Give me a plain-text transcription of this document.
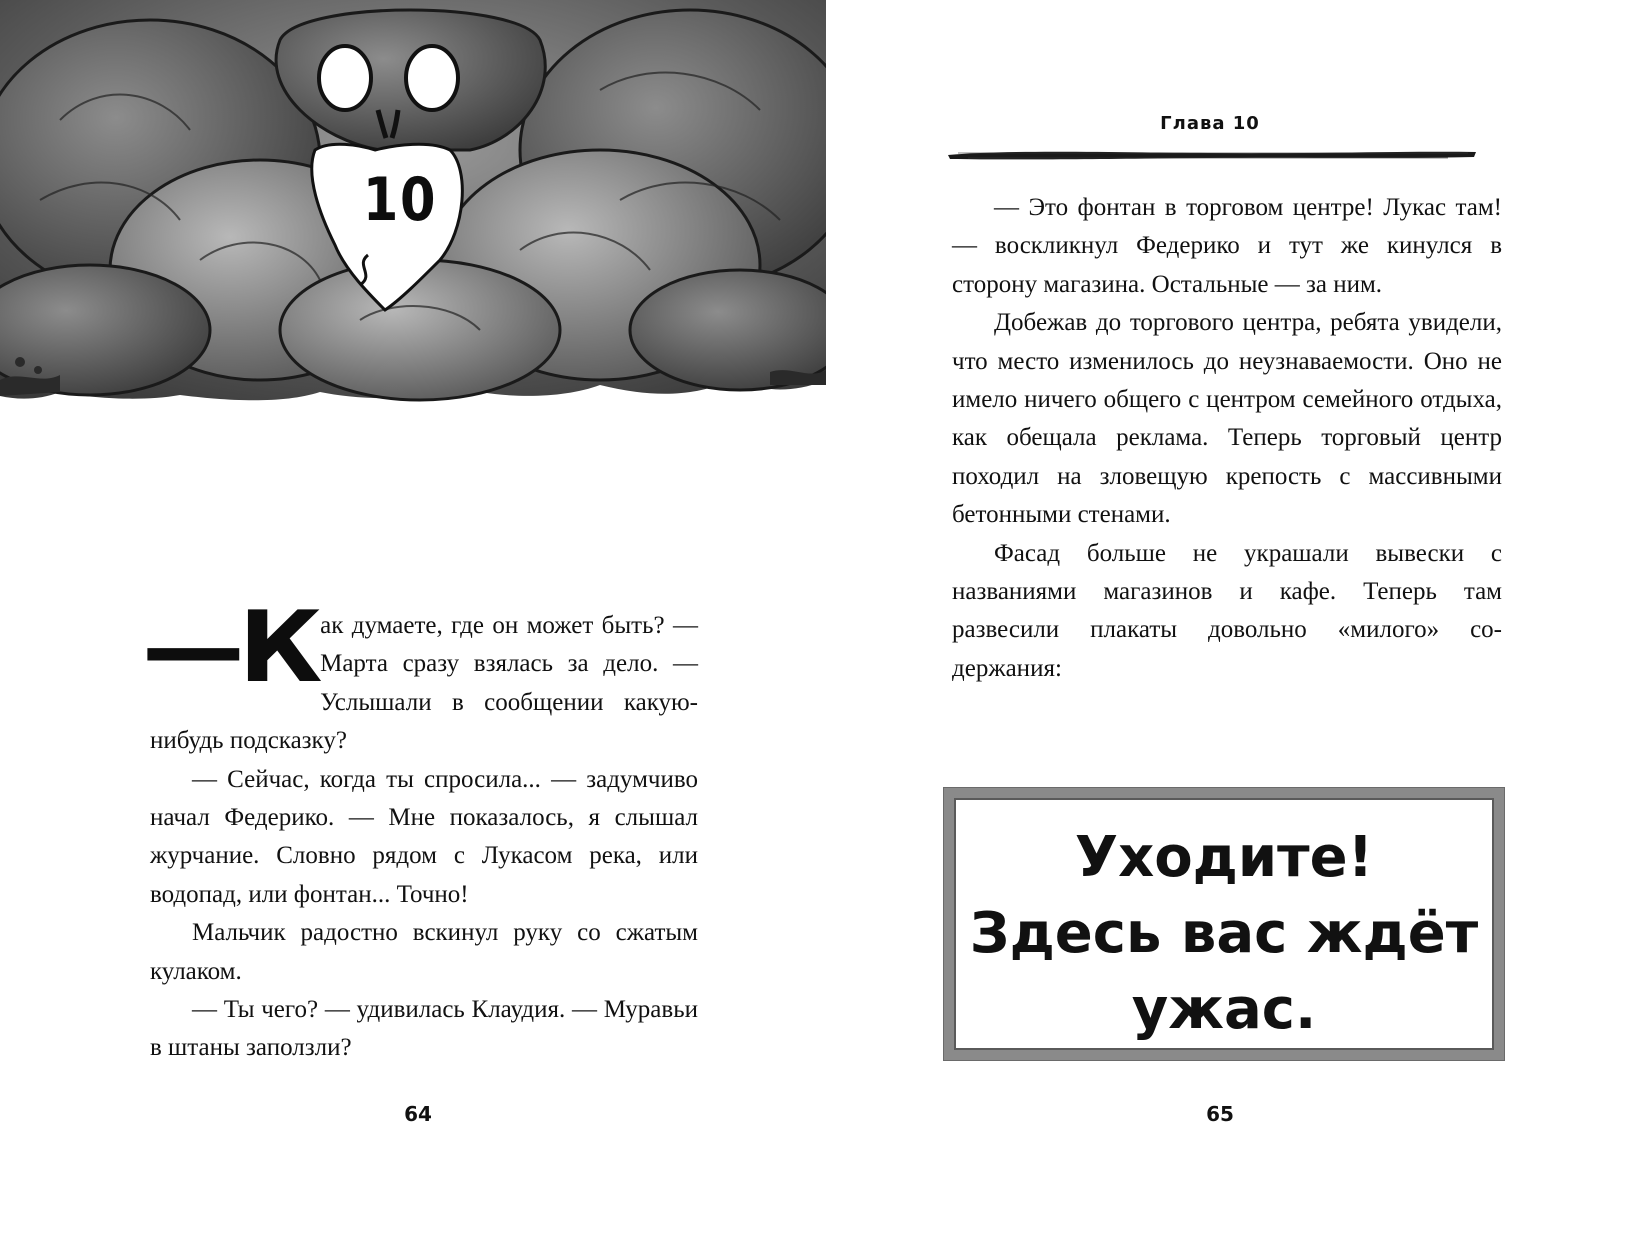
10
—К ак думаете, где он может быть? — Марта сразу взялась за дело. — Услышали в сообщении какую-нибудь подсказку?

— Сейчас, когда ты спросила... — задумчиво начал Федерико. — Мне показалось, я слышал журчание. Словно рядом с Лукасом река, или водопад, или фонтан... Точно!

Мальчик радостно вскинул руку со сжатым кулаком.

— Ты чего? — удивилась Клаудия. — Муравьи в штаны заползли?

64
Глава 10

— Это фонтан в торговом центре! Лукас там! — воскликнул Федерико и тут же кинулся в сторону магазина. Остальные — за ним.

Добежав до торгового центра, ребята увидели, что место изменилось до неузнаваемости. Оно не имело ничего общего с центром семейного отдыха, как обещала реклама. Теперь торговый центр походил на зловещую крепость с массивными бетонными стенами.

Фасад больше не украшали вывески с названиями магазинов и кафе. Теперь там развесили плакаты довольно «милого» содержания:

Уходите!
Здесь вас ждёт
ужас.
65
